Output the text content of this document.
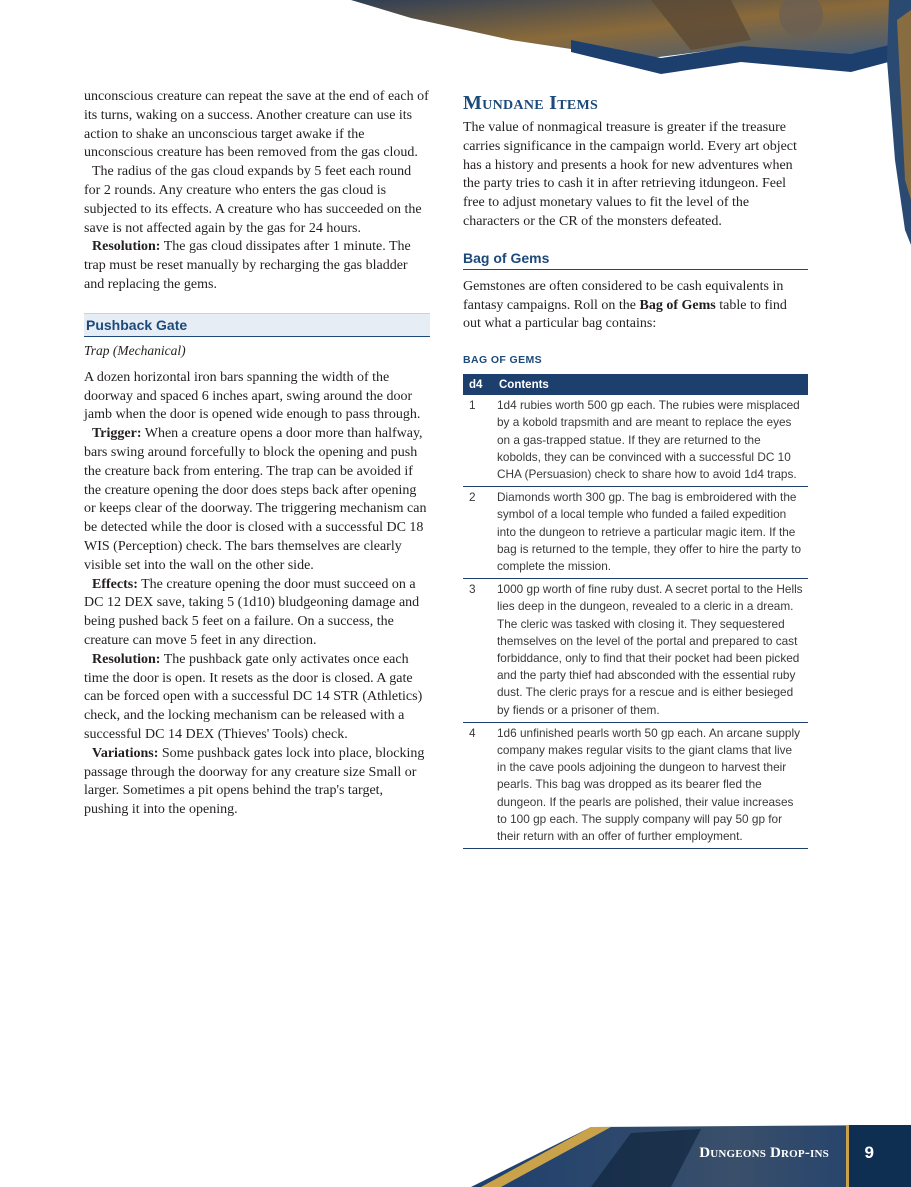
Dungeons Drop-ins 9

unconscious creature can repeat the save at the end of each of its turns, waking on a success. Another creature can use its action to shake an unconscious target awake if the unconscious creature has been removed from the gas cloud.

The radius of the gas cloud expands by 5 feet each round for 2 rounds. Any creature who enters the gas cloud is subjected to its effects. A creature who has succeeded on the save is not affected again by the gas for 24 hours.

Resolution: The gas cloud dissipates after 1 minute. The trap must be reset manually by recharging the gas bladder and replacing the gems.

Pushback Gate
Trap (Mechanical)

A dozen horizontal iron bars spanning the width of the doorway and spaced 6 inches apart, swing around the door jamb when the door is opened wide enough to pass through.

Trigger: When a creature opens a door more than halfway, bars swing around forcefully to block the opening and push the creature back from entering. The trap can be avoided if the creature opening the door does steps back after opening or keeps clear of the doorway. The triggering mechanism can be detected while the door is closed with a successful DC 18 WIS (Perception) check. The bars themselves are clearly visible set into the wall on the other side.

Effects: The creature opening the door must succeed on a DC 12 DEX save, taking 5 (1d10) bludgeoning damage and being pushed back 5 feet on a failure. On a success, the creature can move 5 feet in any direction.

Resolution: The pushback gate only activates once each time the door is open. It resets as the door is closed. A gate can be forced open with a successful DC 14 STR (Athletics) check, and the locking mechanism can be released with a successful DC 14 DEX (Thieves' Tools) check.

Variations: Some pushback gates lock into place, blocking passage through the doorway for any creature size Small or larger. Sometimes a pit opens behind the trap's target, pushing it into the opening.

Mundane Items

The value of nonmagical treasure is greater if the treasure carries significance in the campaign world. Every art object has a history and presents a hook for new adventures when the party tries to cash it in after retrieving itdungeon. Feel free to adjust monetary values to fit the level of the characters or the CR of the monsters defeated.

Bag of Gems

Gemstones are often considered to be cash equivalents in fantasy campaigns. Roll on the Bag of Gems table to find out what a particular bag contains:

BAG OF GEMS
d4	Contents
1	1d4 rubies worth 500 gp each. The rubies were misplaced by a kobold trapsmith and are meant to replace the eyes on a gas-trapped statue. If they are returned to the kobolds, they can be convinced with a successful DC 10 CHA (Persuasion) check to share how to avoid 1d4 traps.
2	Diamonds worth 300 gp. The bag is embroidered with the symbol of a local temple who funded a failed expedition into the dungeon to retrieve a particular magic item. If the bag is returned to the temple, they offer to hire the party to complete the mission.
3	1000 gp worth of fine ruby dust. A secret portal to the Hells lies deep in the dungeon, revealed to a cleric in a dream. The cleric was tasked with closing it. They sequestered themselves on the level of the portal and prepared to cast forbiddance, only to find that their pocket had been picked and the party thief had absconded with the essential ruby dust. The cleric prays for a rescue and is either besieged by fiends or a prisoner of them.
4	1d6 unfinished pearls worth 50 gp each. An arcane supply company makes regular visits to the giant clams that live in the cave pools adjoining the dungeon to harvest their pearls. This bag was dropped as its bearer fled the dungeon. If the pearls are polished, their value increases to 100 gp each. The supply company will pay 50 gp for their return with an offer of further employment.
